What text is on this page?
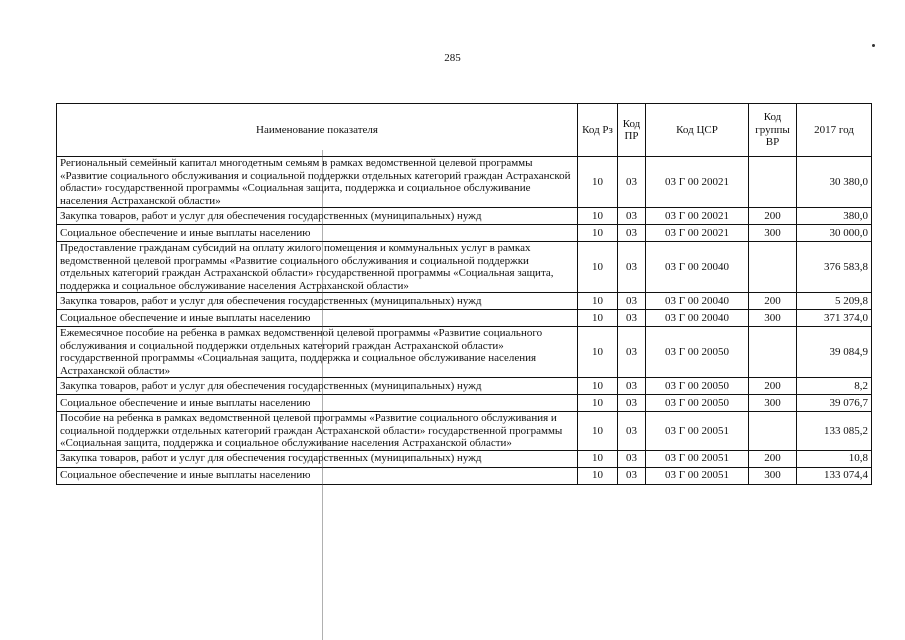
285
Наименование показателя	Код Рз	Код ПР	Код ЦСР	Код группы ВР	2017 год
Региональный семейный капитал многодетным семьям в рамках ведомственной целевой программы «Развитие социального обслуживания и социальной поддержки отдельных категорий граждан Астраханской области» государственной программы «Социальная защита, поддержка и социальное обслуживание населения Астраханской области»	10	03	03 Г 00 20021		30 380,0
Закупка товаров, работ и услуг для обеспечения государственных (муниципальных) нужд	10	03	03 Г 00 20021	200	380,0
Социальное обеспечение и иные выплаты населению	10	03	03 Г 00 20021	300	30 000,0
Предоставление гражданам субсидий на оплату жилого помещения и коммунальных услуг в рамках ведомственной целевой программы «Развитие социального обслуживания и социальной поддержки отдельных категорий граждан Астраханской области» государственной программы «Социальная защита, поддержка и социальное обслуживание населения Астраханской области»	10	03	03 Г 00 20040		376 583,8
Закупка товаров, работ и услуг для обеспечения государственных (муниципальных) нужд	10	03	03 Г 00 20040	200	5 209,8
Социальное обеспечение и иные выплаты населению	10	03	03 Г 00 20040	300	371 374,0
Ежемесячное пособие на ребенка в рамках ведомственной целевой программы «Развитие социального обслуживания и социальной поддержки отдельных категорий граждан Астраханской области» государственной программы «Социальная защита, поддержка и социальное обслуживание населения Астраханской области»	10	03	03 Г 00 20050		39 084,9
Закупка товаров, работ и услуг для обеспечения государственных (муниципальных) нужд	10	03	03 Г 00 20050	200	8,2
Социальное обеспечение и иные выплаты населению	10	03	03 Г 00 20050	300	39 076,7
Пособие на ребенка в рамках ведомственной целевой программы «Развитие социального обслуживания и социальной поддержки отдельных категорий граждан Астраханской области» государственной программы «Социальная защита, поддержка и социальное обслуживание населения Астраханской области»	10	03	03 Г 00 20051		133 085,2
Закупка товаров, работ и услуг для обеспечения государственных (муниципальных) нужд	10	03	03 Г 00 20051	200	10,8
Социальное обеспечение и иные выплаты населению	10	03	03 Г 00 20051	300	133 074,4
